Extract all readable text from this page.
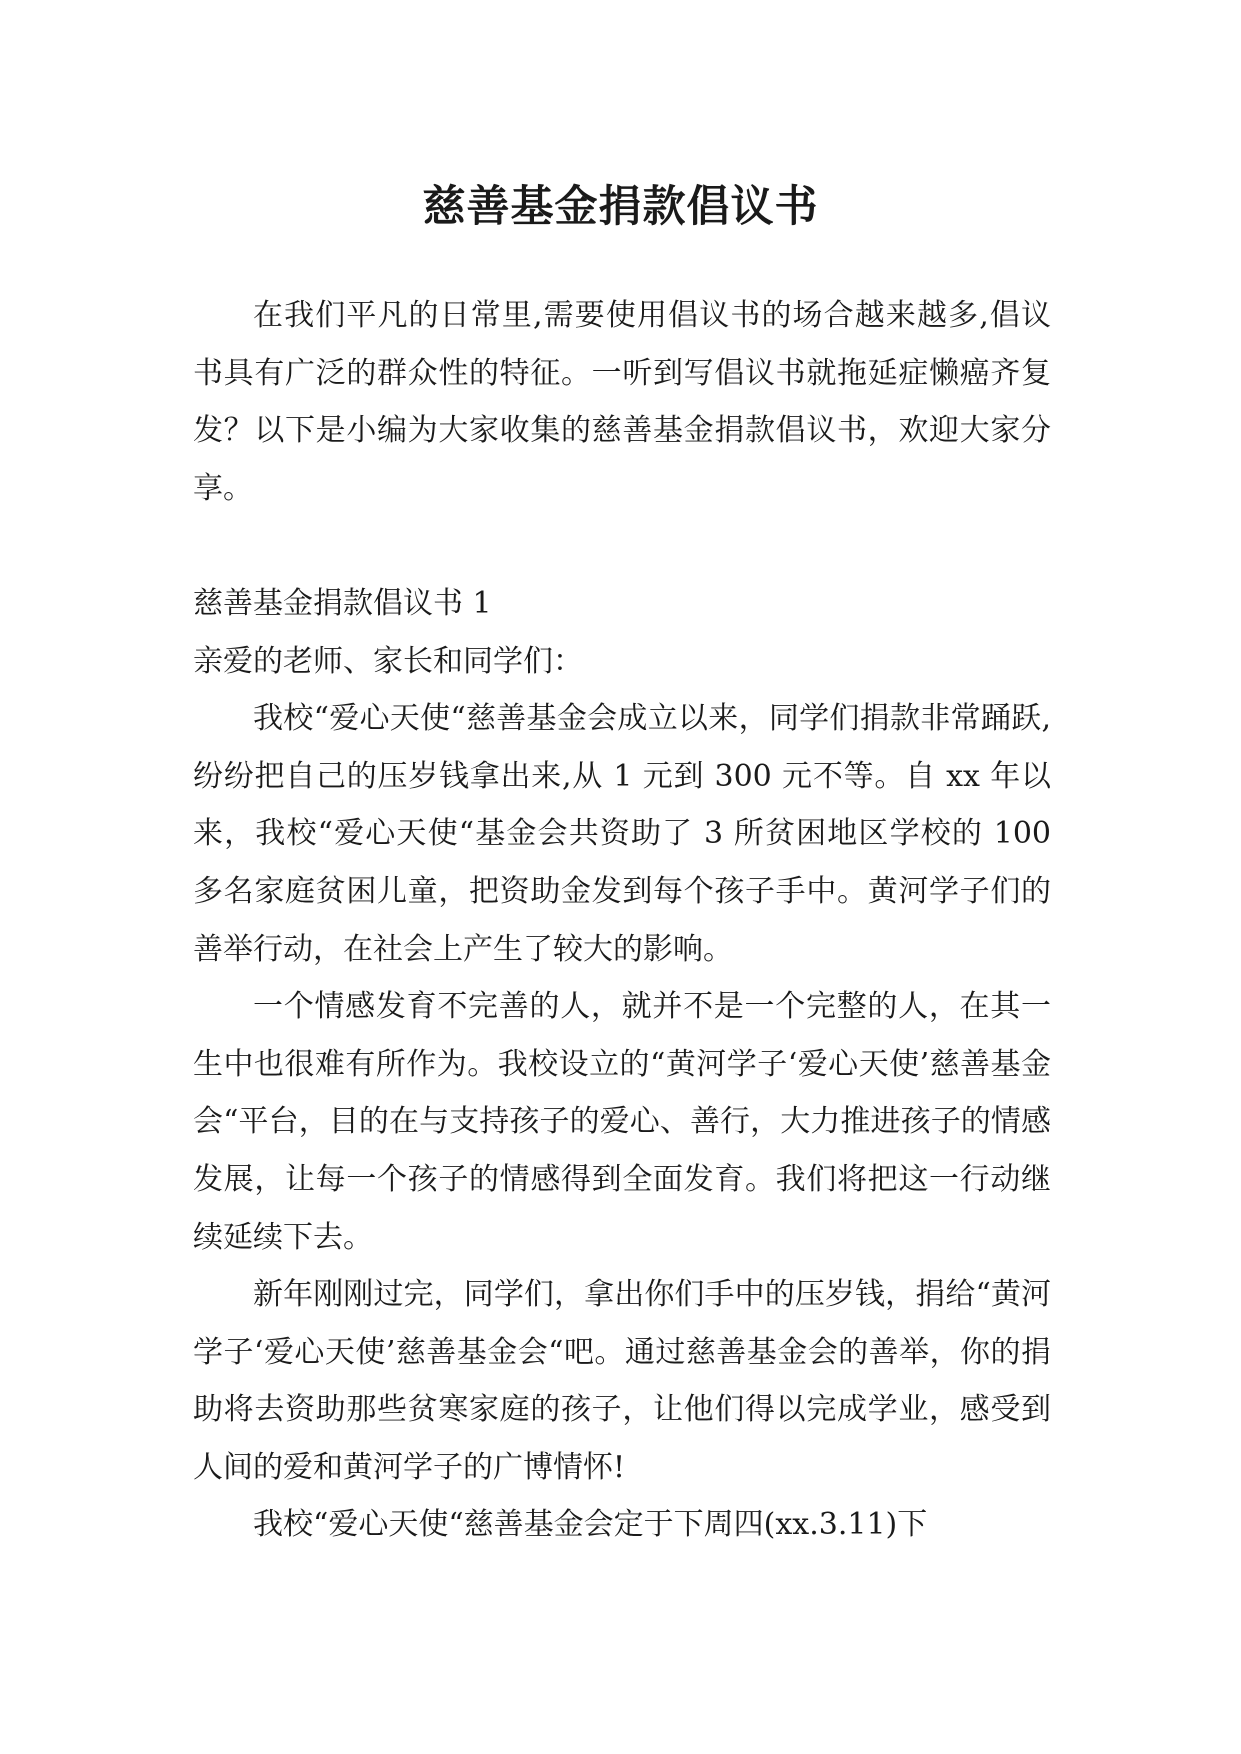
慈善基金捐款倡议书

在我们平凡的日常里,需要使用倡议书的场合越来越多,倡议书具有广泛的群众性的特征。一听到写倡议书就拖延症懒癌齐复发？以下是小编为大家收集的慈善基金捐款倡议书，欢迎大家分享。

慈善基金捐款倡议书 1

亲爱的老师、家长和同学们：

我校“爱心天使“慈善基金会成立以来，同学们捐款非常踊跃,纷纷把自己的压岁钱拿出来,从 1 元到 300 元不等。自 xx 年以来，我校“爱心天使“基金会共资助了 3 所贫困地区学校的 100 多名家庭贫困儿童，把资助金发到每个孩子手中。黄河学子们的善举行动，在社会上产生了较大的影响。

一个情感发育不完善的人，就并不是一个完整的人，在其一生中也很难有所作为。我校设立的“黄河学子‘爱心天使’慈善基金会“平台，目的在与支持孩子的爱心、善行，大力推进孩子的情感发展，让每一个孩子的情感得到全面发育。我们将把这一行动继续延续下去。

新年刚刚过完，同学们，拿出你们手中的压岁钱，捐给“黄河学子‘爱心天使’慈善基金会“吧。通过慈善基金会的善举，你的捐助将去资助那些贫寒家庭的孩子，让他们得以完成学业，感受到人间的爱和黄河学子的广博情怀!

我校“爱心天使“慈善基金会定于下周四(xx.3.11)下
